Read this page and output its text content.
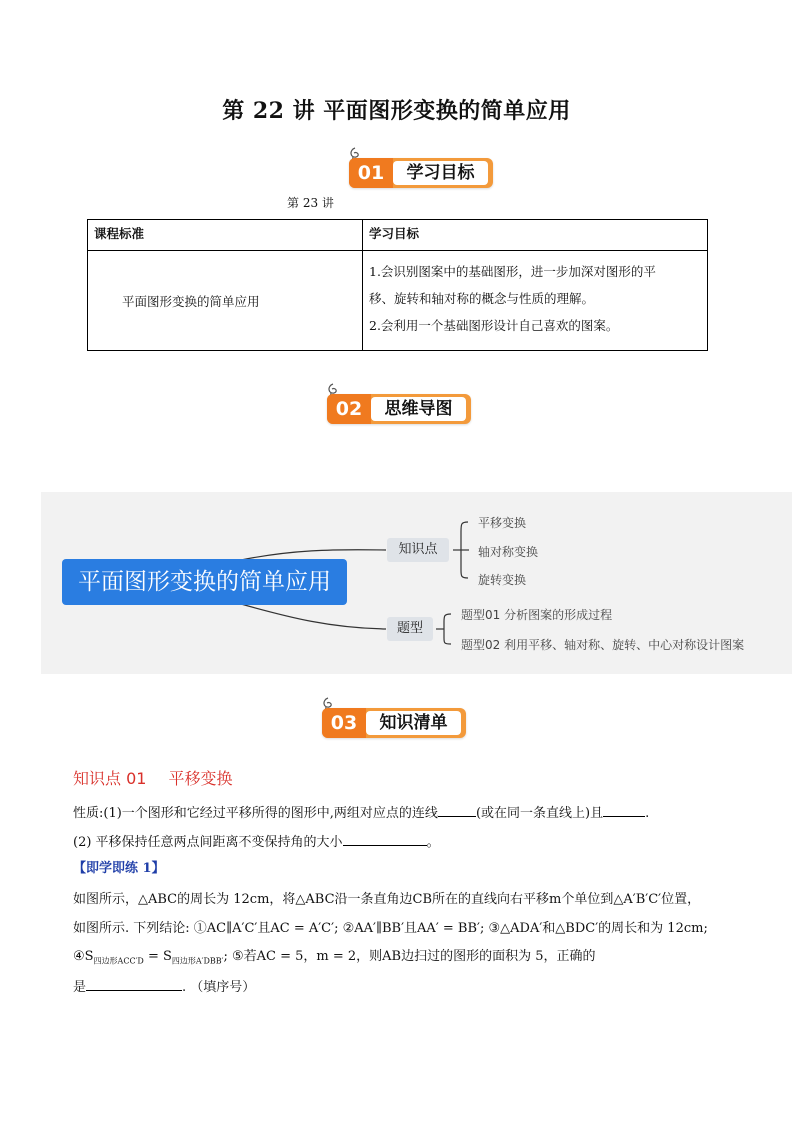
第 22 讲 平面图形变换的简单应用
01	学习目标
第 23 讲
课程标准	学习目标
平面图形变换的简单应用	1.会识别图案中的基础图形，进一步加深对图形的平
移、旋转和轴对称的概念与性质的理解。
2.会利用一个基础图形设计自己喜欢的图案。
02	思维导图
平面图形变换的简单应用
知识点
平移变换
轴对称变换
旋转变换
题型
题型01 分析图案的形成过程
题型02 利用平移、轴对称、旋转、中心对称设计图案
03	知识清单
知识点 01 平移变换
性质:(1)一个图形和它经过平移所得的图形中,两组对应点的连线	(或在同一条直线上)且	.
(2) 平移保持任意两点间距离不变保持角的大小	。
【即学即练 1】
如图所示，△ABC的周长为 12cm，将△ABC沿一条直角边CB所在的直线向右平移m个单位到△A′B′C′位置，
如图所示. 下列结论: ①AC∥A′C′且AC = A′C′; ②AA′∥BB′且AA′ = BB′; ③△ADA′和△BDC′的周长和为 12cm;
$④S_{四边形ACC'D} = S_{四边形A'DBB'}$; ⑤若AC = 5，m = 2，则AB边扫过的图形的面积为 5，正确的
是	. （填序号）
